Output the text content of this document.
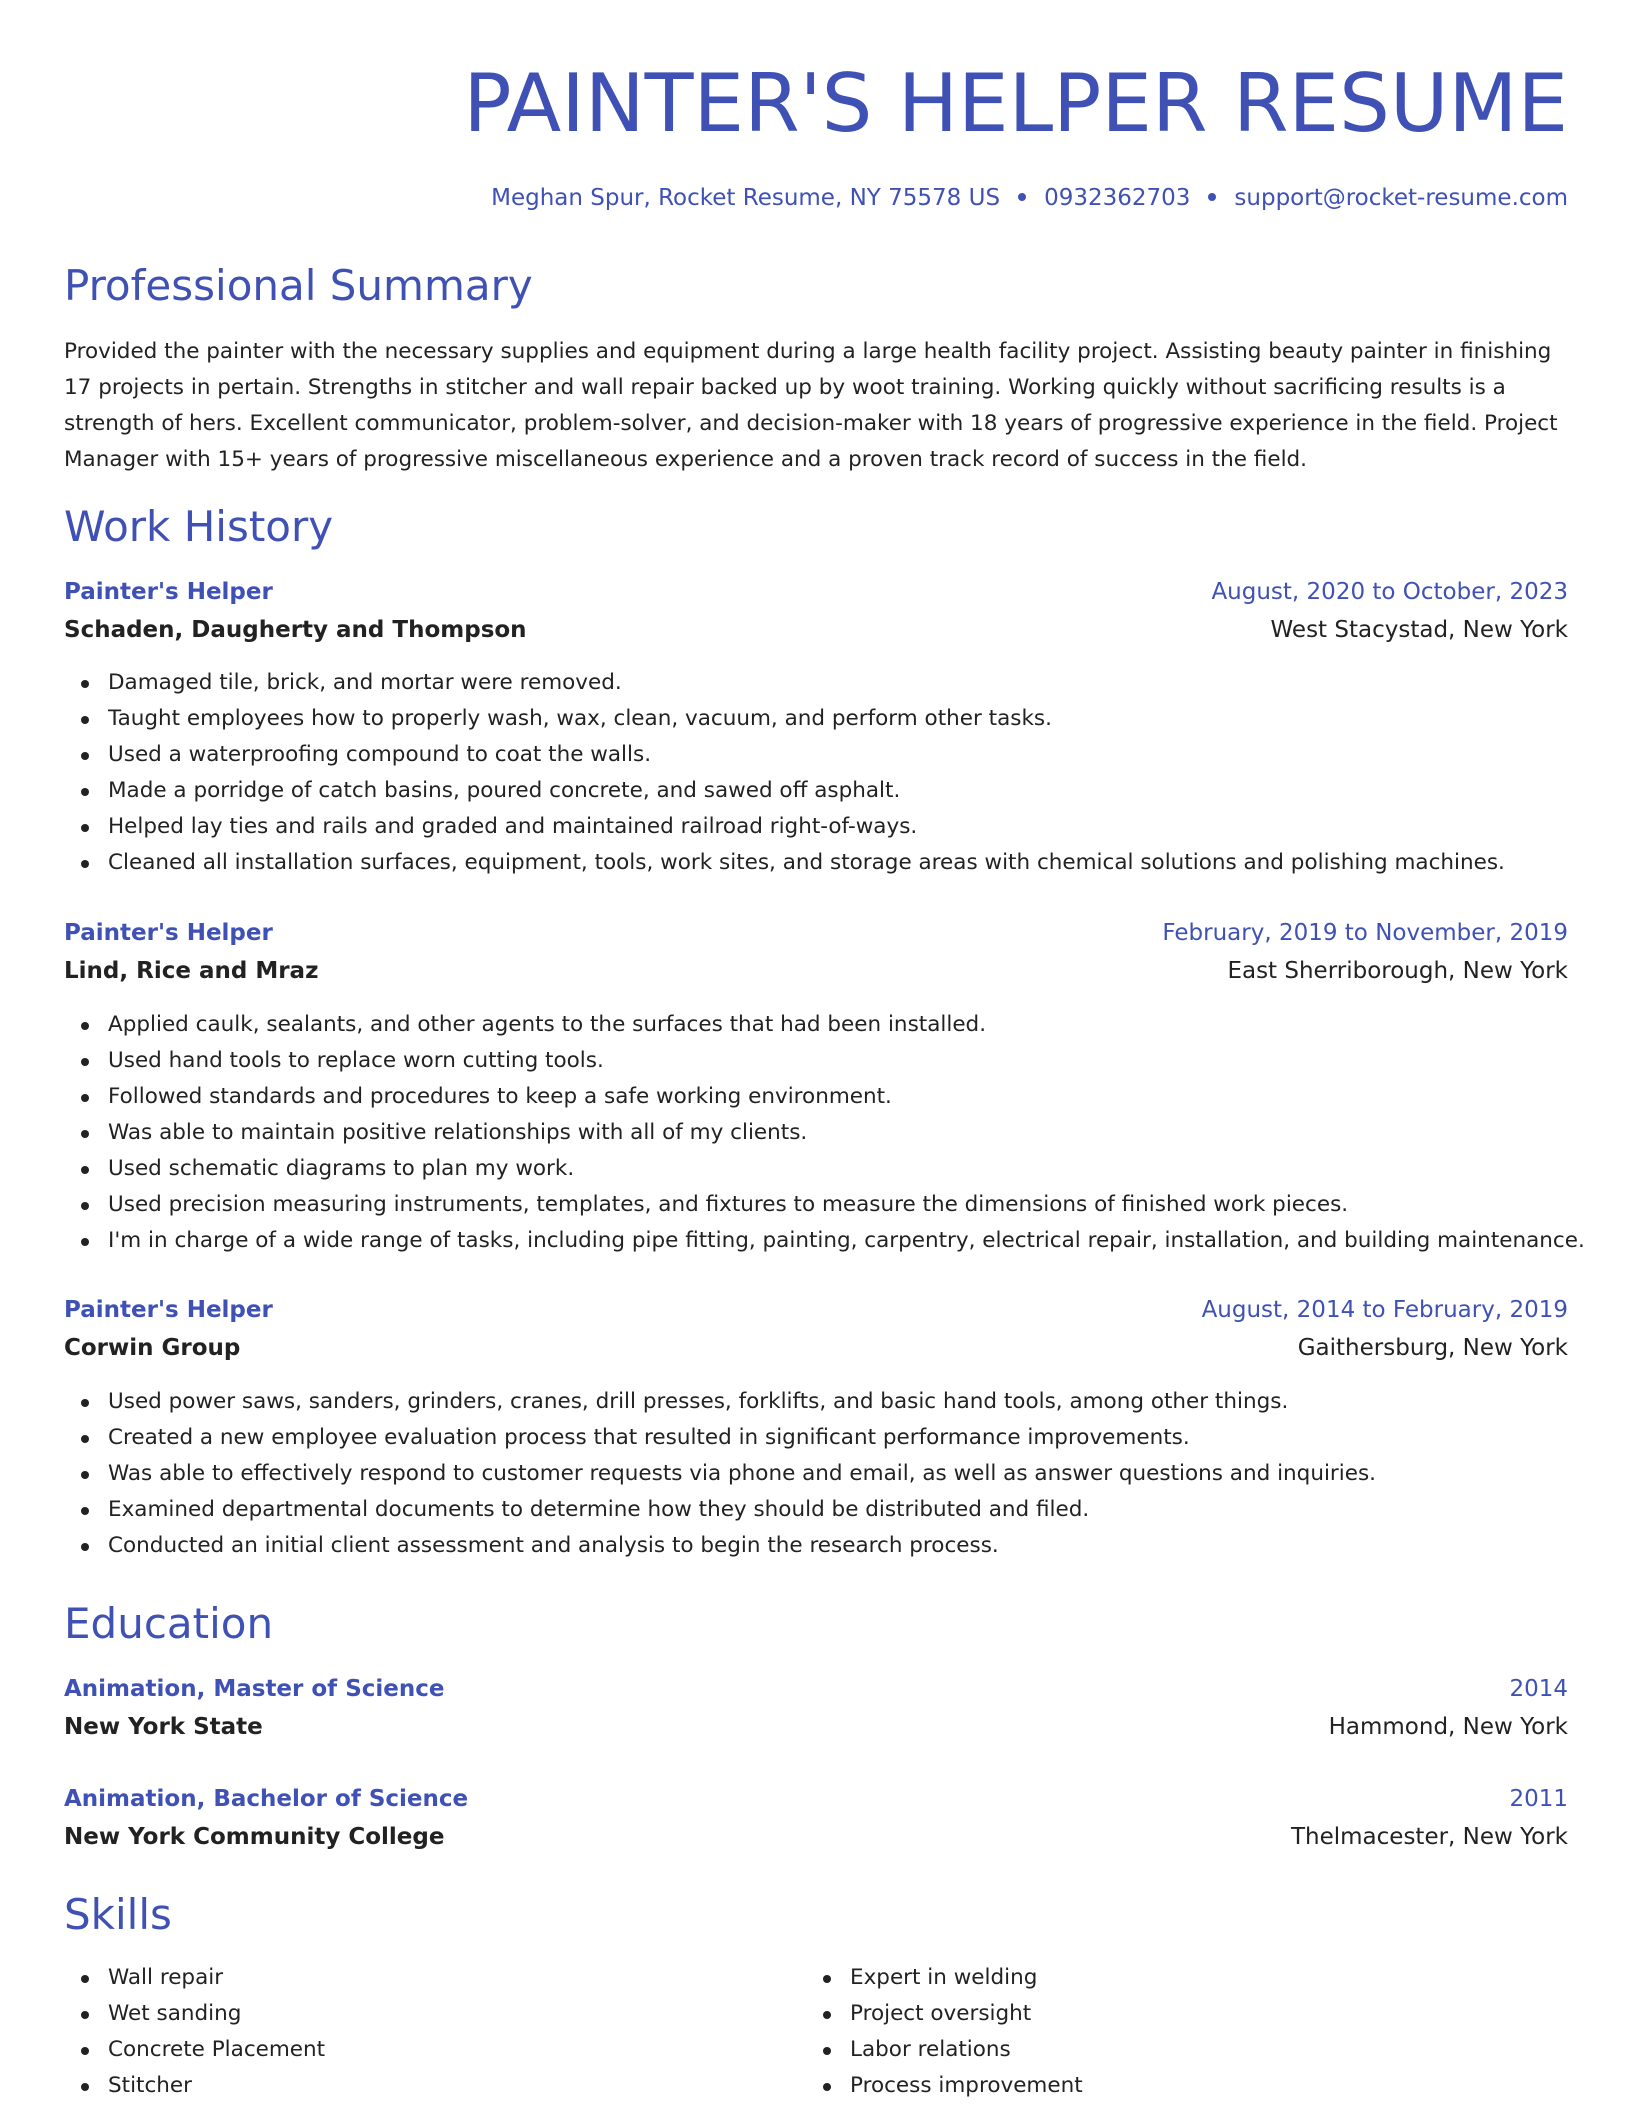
PAINTER'S HELPER RESUME
Meghan Spur, Rocket Resume, NY 75578 US 0932362703 support@rocket-resume.com
Professional Summary

Provided the painter with the necessary supplies and equipment during a large health facility project. Assisting beauty painter in finishing 17 projects in pertain. Strengths in stitcher and wall repair backed up by woot training. Working quickly without sacrificing results is a strength of hers. Excellent communicator, problem-solver, and decision-maker with 18 years of progressive experience in the field. Project Manager with 15+ years of progressive miscellaneous experience and a proven track record of success in the field.

Work History
Painter's Helper	August, 2020 to October, 2023
Schaden, Daugherty and Thompson	West Stacystad, New York
Damaged tile, brick, and mortar were removed.
Taught employees how to properly wash, wax, clean, vacuum, and perform other tasks.
Used a waterproofing compound to coat the walls.
Made a porridge of catch basins, poured concrete, and sawed off asphalt.
Helped lay ties and rails and graded and maintained railroad right-of-ways.
Cleaned all installation surfaces, equipment, tools, work sites, and storage areas with chemical solutions and polishing machines.
Painter's Helper	February, 2019 to November, 2019
Lind, Rice and Mraz	East Sherriborough, New York
Applied caulk, sealants, and other agents to the surfaces that had been installed.
Used hand tools to replace worn cutting tools.
Followed standards and procedures to keep a safe working environment.
Was able to maintain positive relationships with all of my clients.
Used schematic diagrams to plan my work.
Used precision measuring instruments, templates, and fixtures to measure the dimensions of finished work pieces.
I'm in charge of a wide range of tasks, including pipe fitting, painting, carpentry, electrical repair, installation, and building maintenance.
Painter's Helper	August, 2014 to February, 2019
Corwin Group	Gaithersburg, New York
Used power saws, sanders, grinders, cranes, drill presses, forklifts, and basic hand tools, among other things.
Created a new employee evaluation process that resulted in significant performance improvements.
Was able to effectively respond to customer requests via phone and email, as well as answer questions and inquiries.
Examined departmental documents to determine how they should be distributed and filed.
Conducted an initial client assessment and analysis to begin the research process.
Education
Animation, Master of Science	2014
New York State	Hammond, New York
Animation, Bachelor of Science	2011
New York Community College	Thelmacester, New York
Skills
Wall repair
Wet sanding
Concrete Placement
Stitcher
Expert in welding
Project oversight
Labor relations
Process improvement
